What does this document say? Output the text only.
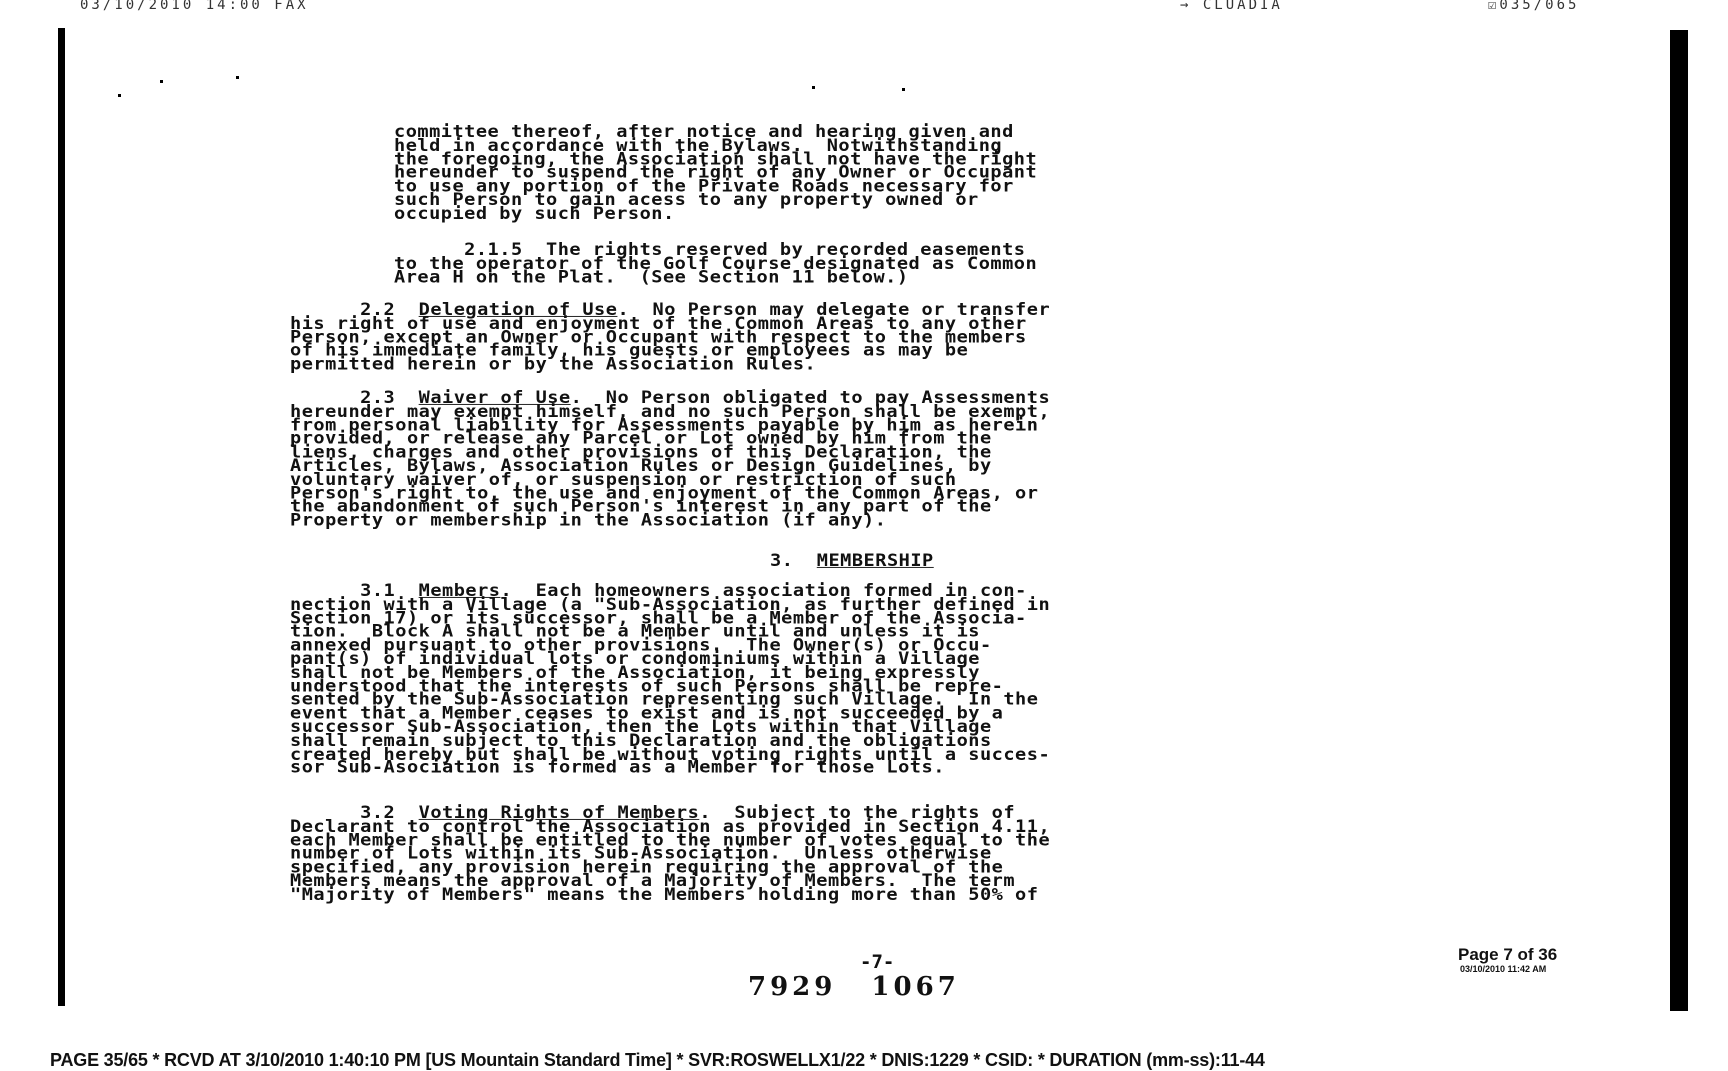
03/10/2010 14:00 FAX	→ CLUADIA	☑035/065
committee thereof, after notice and hearing given and
held in accordance with the Bylaws.  Notwithstanding
the foregoing, the Association shall not have the right
hereunder to suspend the right of any Owner or Occupant
to use any portion of the Private Roads necessary for
such Person to gain acess to any property owned or
occupied by such Person.
2.1.5  The rights reserved by recorded easements
to the operator of the Golf Course designated as Common
Area H on the Plat.  (See Section 11 below.)
2.2  Delegation of Use.  No Person may delegate or transfer
his right of use and enjoyment of the Common Areas to any other
Person, except an Owner or Occupant with respect to the members
of his immediate family, his guests or employees as may be
permitted herein or by the Association Rules.
2.3  Waiver of Use.  No Person obligated to pay Assessments
hereunder may exempt himself, and no such Person shall be exempt,
from personal liability for Assessments payable by him as herein
provided, or release any Parcel or Lot owned by him from the
liens, charges and other provisions of this Declaration, the
Articles, Bylaws, Association Rules or Design Guidelines, by
voluntary waiver of, or suspension or restriction of such
Person's right to, the use and enjoyment of the Common Areas, or
the abandonment of such Person's interest in any part of the
Property or membership in the Association (if any).
3.  MEMBERSHIP
3.1  Members.  Each homeowners association formed in con-
nection with a Village (a "Sub-Association, as further defined in
Section 17) or its successor, shall be a Member of the Associa-
tion.  Block A shall not be a Member until and unless it is
annexed pursuant to other provisions.  The Owner(s) or Occu-
pant(s) of individual lots or condominiums within a Village
shall not be Members of the Association, it being expressly
understood that the interests of such Persons shall be repre-
sented by the Sub-Association representing such Village.  In the
event that a Member ceases to exist and is not succeeded by a
successor Sub-Association, then the Lots within that Village
shall remain subject to this Declaration and the obligations
created hereby but shall be without voting rights until a succes-
sor Sub-Asociation is formed as a Member for those Lots.
3.2  Voting Rights of Members.  Subject to the rights of
Declarant to control the Association as provided in Section 4.11,
each Member shall be entitled to the number of votes equal to the
number of Lots within its Sub-Association.  Unless otherwise
specified, any provision herein requiring the approval of the
Members means the approval of a Majority of Members.  The term
"Majority of Members" means the Members holding more than 50% of
-7-
7929 1067
Page 7 of 36
03/10/2010 11:42 AM
PAGE 35/65 * RCVD AT 3/10/2010 1:40:10 PM [US Mountain Standard Time] * SVR:ROSWELLX1/22 * DNIS:1229 * CSID: * DURATION (mm-ss):11-44
